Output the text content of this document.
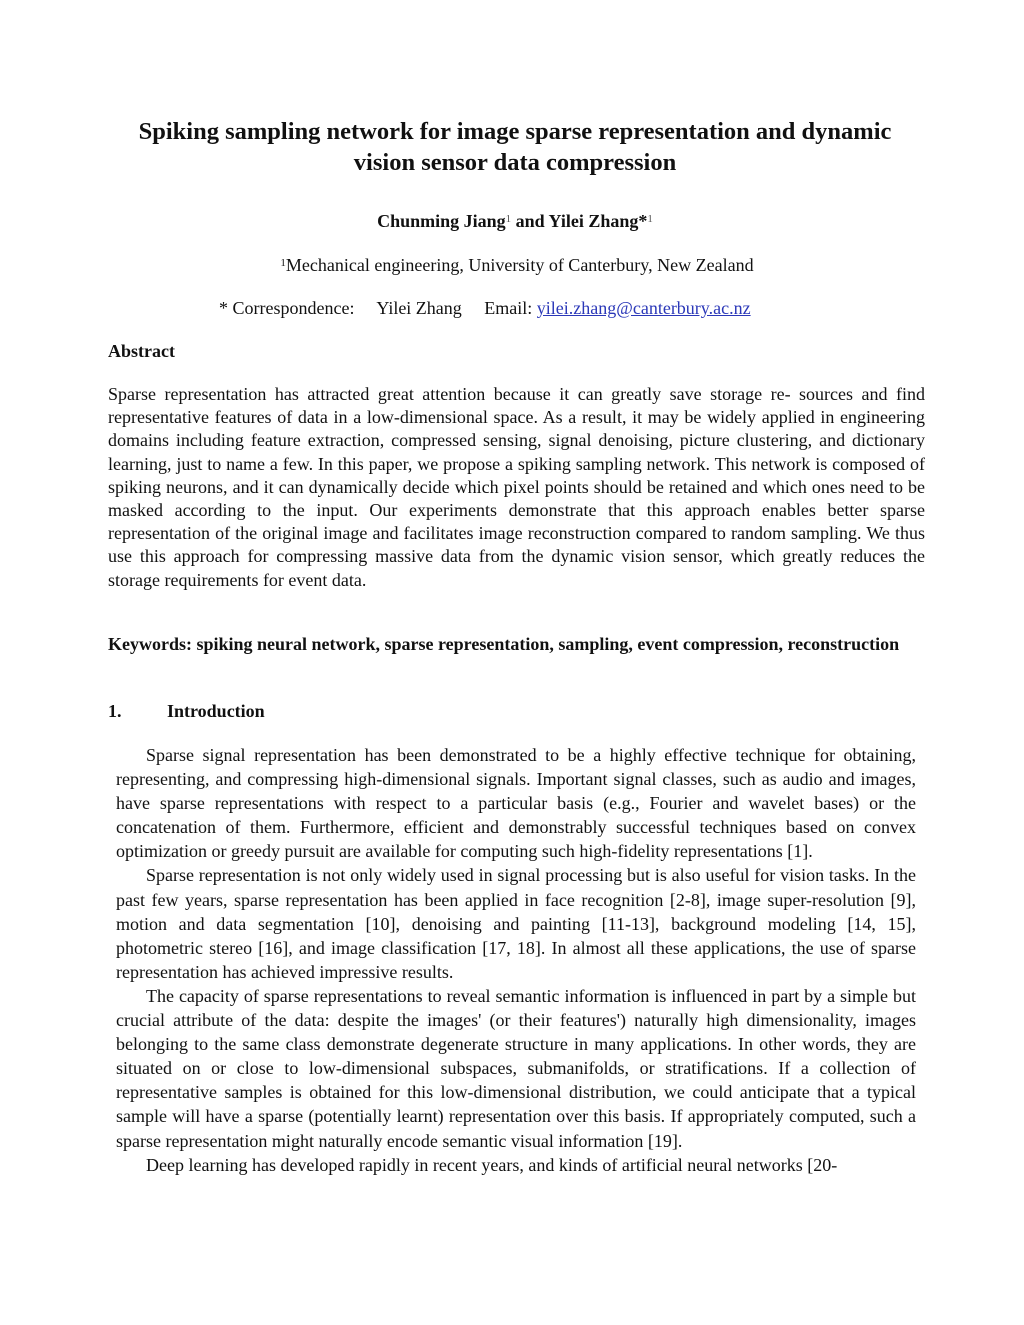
Spiking sampling network for image sparse representation and dynamic vision sensor data compression
Chunming Jiang$^1$ and Yilei Zhang*$^1$
$^1$Mechanical engineering, University of Canterbury, New Zealand
* Correspondence: Yilei Zhang Email: yilei.zhang@canterbury.ac.nz
Abstract

Sparse representation has attracted great attention because it can greatly save storage re- sources and find representative features of data in a low-dimensional space. As a result, it may be widely applied in engineering domains including feature extraction, compressed sensing, signal denoising, picture clustering, and dictionary learning, just to name a few. In this paper, we propose a spiking sampling network. This network is composed of spiking neurons, and it can dynamically decide which pixel points should be retained and which ones need to be masked according to the input. Our experiments demonstrate that this approach enables better sparse representation of the original image and facilitates image reconstruction compared to random sampling. We thus use this approach for compressing massive data from the dynamic vision sensor, which greatly reduces the storage requirements for event data.

Keywords: spiking neural network, sparse representation, sampling, event compression, reconstruction

1.	Introduction

Sparse signal representation has been demonstrated to be a highly effective technique for obtaining, representing, and compressing high-dimensional signals. Important signal classes, such as audio and images, have sparse representations with respect to a particular basis (e.g., Fourier and wavelet bases) or the concatenation of them. Furthermore, efficient and demonstrably successful techniques based on convex optimization or greedy pursuit are available for computing such high-fidelity representations [1].

Sparse representation is not only widely used in signal processing but is also useful for vision tasks. In the past few years, sparse representation has been applied in face recognition [2-8], image super-resolution [9], motion and data segmentation [10], denoising and painting [11-13], background modeling [14, 15], photometric stereo [16], and image classification [17, 18]. In almost all these applications, the use of sparse representation has achieved impressive results.

The capacity of sparse representations to reveal semantic information is influenced in part by a simple but crucial attribute of the data: despite the images' (or their features') naturally high dimensionality, images belonging to the same class demonstrate degenerate structure in many applications. In other words, they are situated on or close to low-dimensional subspaces, submanifolds, or stratifications. If a collection of representative samples is obtained for this low-dimensional distribution, we could anticipate that a typical sample will have a sparse (potentially learnt) representation over this basis. If appropriately computed, such a sparse representation might naturally encode semantic visual information [19].

Deep learning has developed rapidly in recent years, and kinds of artificial neural networks [20-
